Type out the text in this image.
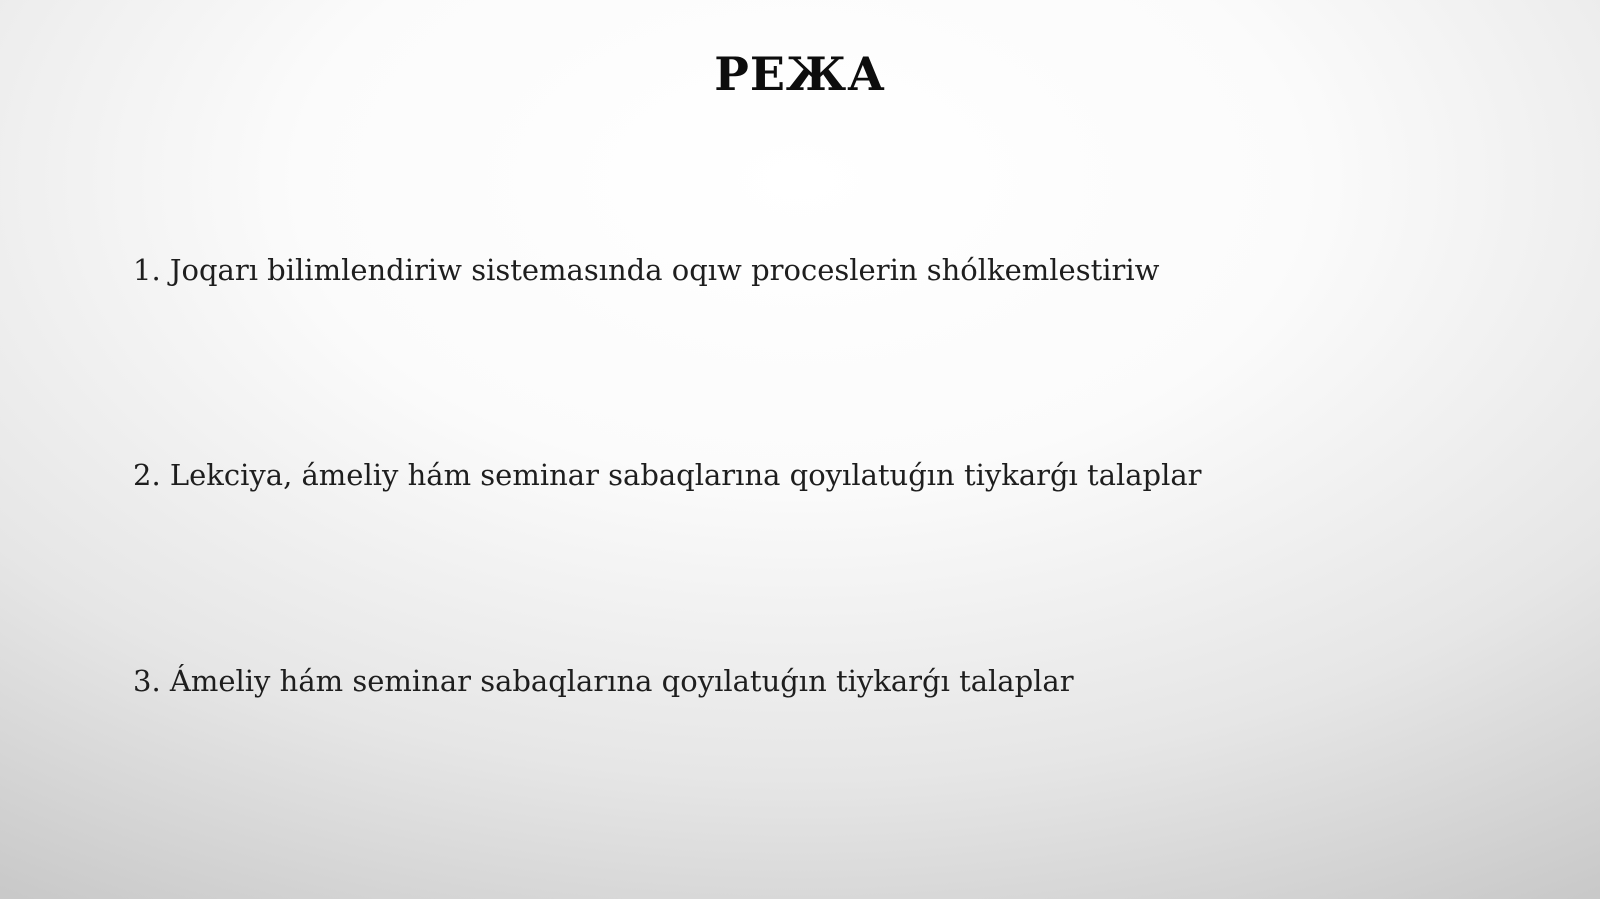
РЕЖА

1. Joqarı bilimlendiriw sistemasında oqıw proceslerin shólkemlestiriw

2. Lekciya, ámeliy hám seminar sabaqlarına qoyılatuǵın tiykarǵı talaplar

3. Ámeliy hám seminar sabaqlarına qoyılatuǵın tiykarǵı talaplar
